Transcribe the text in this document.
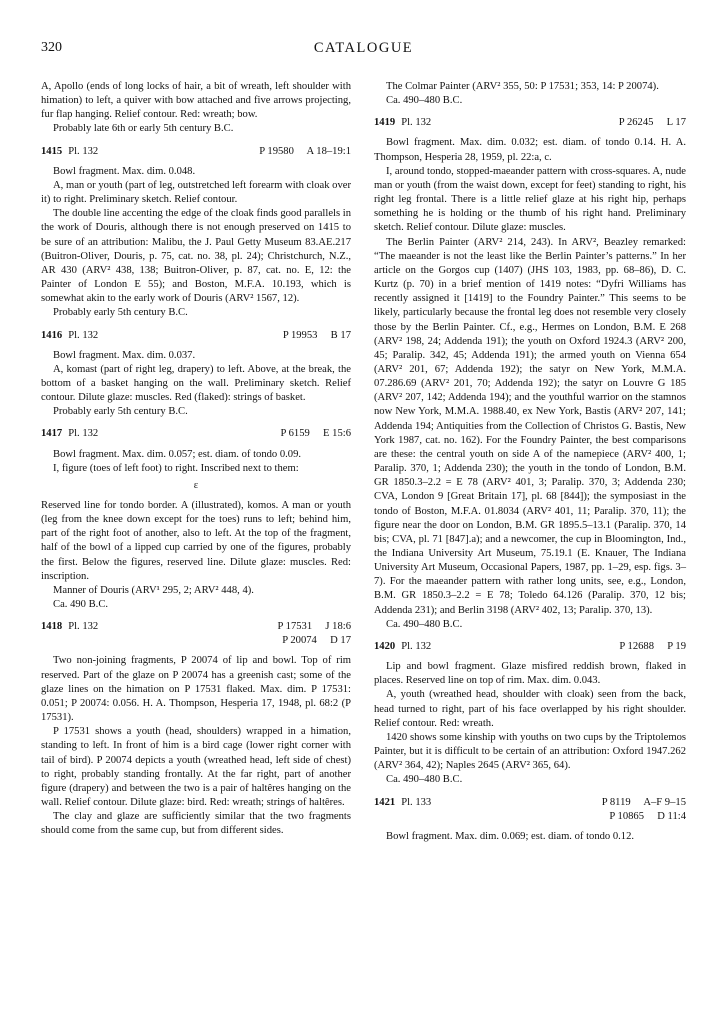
320	CATALOGUE

A, Apollo (ends of long locks of hair, a bit of wreath, left shoulder with himation) to left, a quiver with bow attached and five arrows projecting, fur flap hanging. Relief contour. Red: wreath; bow.

Probably late 6th or early 5th century B.C.

1415 Pl. 132	P 19580     A 18–19:1

Bowl fragment. Max. dim. 0.048.

A, man or youth (part of leg, outstretched left forearm with cloak over it) to right. Preliminary sketch. Relief contour.

The double line accenting the edge of the cloak finds good parallels in the work of Douris, although there is not enough preserved on 1415 to be sure of an attribution: Malibu, the J. Paul Getty Museum 83.AE.217 (Buitron-Oliver, Douris, p. 75, cat. no. 38, pl. 24); Christchurch, N.Z., AR 430 (ARV² 438, 138; Buitron-Oliver, p. 87, cat. no. E, 12: the Painter of London E 55); and Boston, M.F.A. 10.193, which is somewhat akin to the early work of Douris (ARV² 1567, 12).

Probably early 5th century B.C.

1416 Pl. 132	P 19953     B 17

Bowl fragment. Max. dim. 0.037.

A, komast (part of right leg, drapery) to left. Above, at the break, the bottom of a basket hanging on the wall. Preliminary sketch. Relief contour. Dilute glaze: muscles. Red (flaked): strings of basket.

Probably early 5th century B.C.

1417 Pl. 132	P 6159     E 15:6

Bowl fragment. Max. dim. 0.057; est. diam. of tondo 0.09.

I, figure (toes of left foot) to right. Inscribed next to them:

ε

Reserved line for tondo border. A (illustrated), komos. A man or youth (leg from the knee down except for the toes) runs to left; behind him, part of the right foot of another, also to left. At the top of the fragment, half of the bowl of a lipped cup carried by one of the figures, probably the first. Below the figures, reserved line. Dilute glaze: muscles. Red: inscription.

Manner of Douris (ARV¹ 295, 2; ARV² 448, 4).

Ca. 490 B.C.

1418 Pl. 132	P 17531     J 18:6
P 20074     D 17

Two non-joining fragments, P 20074 of lip and bowl. Top of rim reserved. Part of the glaze on P 20074 has a greenish cast; some of the glaze lines on the himation on P 17531 flaked. Max. dim. P 17531: 0.051; P 20074: 0.056. H. A. Thompson, Hesperia 17, 1948, pl. 68:2 (P 17531).

P 17531 shows a youth (head, shoulders) wrapped in a himation, standing to left. In front of him is a bird cage (lower right corner with tail of bird). P 20074 depicts a youth (wreathed head, left side of chest) to right, probably standing frontally. At the far right, part of another figure (drapery) and between the two is a pair of haltêres hanging on the wall. Relief contour. Dilute glaze: bird. Red: wreath; strings of haltêres.

The clay and glaze are sufficiently similar that the two fragments should come from the same cup, but from different sides.

The Colmar Painter (ARV² 355, 50: P 17531; 353, 14: P 20074).

Ca. 490–480 B.C.

1419 Pl. 132	P 26245     L 17

Bowl fragment. Max. dim. 0.032; est. diam. of tondo 0.14. H. A. Thompson, Hesperia 28, 1959, pl. 22:a, c.

I, around tondo, stopped-maeander pattern with cross-squares. A, nude man or youth (from the waist down, except for feet) standing to right, his right leg frontal. There is a little relief glaze at his right hip, perhaps something he is holding or the thumb of his right hand. Preliminary sketch. Relief contour. Dilute glaze: muscles.

The Berlin Painter (ARV² 214, 243). In ARV², Beazley remarked: “The maeander is not the least like the Berlin Painter’s patterns.” In her article on the Gorgos cup (1407) (JHS 103, 1983, pp. 68–86), D. C. Kurtz (p. 70) in a brief mention of 1419 notes: “Dyfri Williams has recently assigned it [1419] to the Foundry Painter.” This seems to be likely, particularly because the frontal leg does not resemble very closely those by the Berlin Painter. Cf., e.g., Hermes on London, B.M. E 268 (ARV² 198, 24; Addenda 191); the youth on Oxford 1924.3 (ARV² 200, 45; Paralip. 342, 45; Addenda 191); the armed youth on Vienna 654 (ARV² 201, 67; Addenda 192); the satyr on New York, M.M.A. 07.286.69 (ARV² 201, 70; Addenda 192); the satyr on Louvre G 185 (ARV² 207, 142; Addenda 194); and the youthful warrior on the stamnos now New York, M.M.A. 1988.40, ex New York, Bastis (ARV² 207, 141; Addenda 194; Antiquities from the Collection of Christos G. Bastis, New York 1987, cat. no. 162). For the Foundry Painter, the best comparisons are these: the central youth on side A of the namepiece (ARV² 400, 1; Paralip. 370, 1; Addenda 230); the youth in the tondo of London, B.M. GR 1850.3–2.2 = E 78 (ARV² 401, 3; Paralip. 370, 3; Addenda 230; CVA, London 9 [Great Britain 17], pl. 68 [844]); the symposiast in the tondo of Boston, M.F.A. 01.8034 (ARV² 401, 11; Paralip. 370, 11); the figure near the door on London, B.M. GR 1895.5–13.1 (Paralip. 370, 14 bis; CVA, pl. 71 [847].a); and a newcomer, the cup in Bloomington, Ind., the Indiana University Art Museum, 75.19.1 (E. Knauer, The Indiana University Art Museum, Occasional Papers, 1987, pp. 1–29, esp. figs. 3–7). For the maeander pattern with rather long units, see, e.g., London, B.M. GR 1850.3–2.2 = E 78; Toledo 64.126 (Paralip. 370, 12 bis; Addenda 231); and Berlin 3198 (ARV² 402, 13; Paralip. 370, 13).

Ca. 490–480 B.C.

1420 Pl. 132	P 12688     P 19

Lip and bowl fragment. Glaze misfired reddish brown, flaked in places. Reserved line on top of rim. Max. dim. 0.043.

A, youth (wreathed head, shoulder with cloak) seen from the back, head turned to right, part of his face overlapped by his right shoulder. Relief contour. Red: wreath.

1420 shows some kinship with youths on two cups by the Triptolemos Painter, but it is difficult to be certain of an attribution: Oxford 1947.262 (ARV² 364, 42); Naples 2645 (ARV² 365, 64).

Ca. 490–480 B.C.

1421 Pl. 133	P 8119     A–F 9–15
P 10865     D 11:4

Bowl fragment. Max. dim. 0.069; est. diam. of tondo 0.12.
